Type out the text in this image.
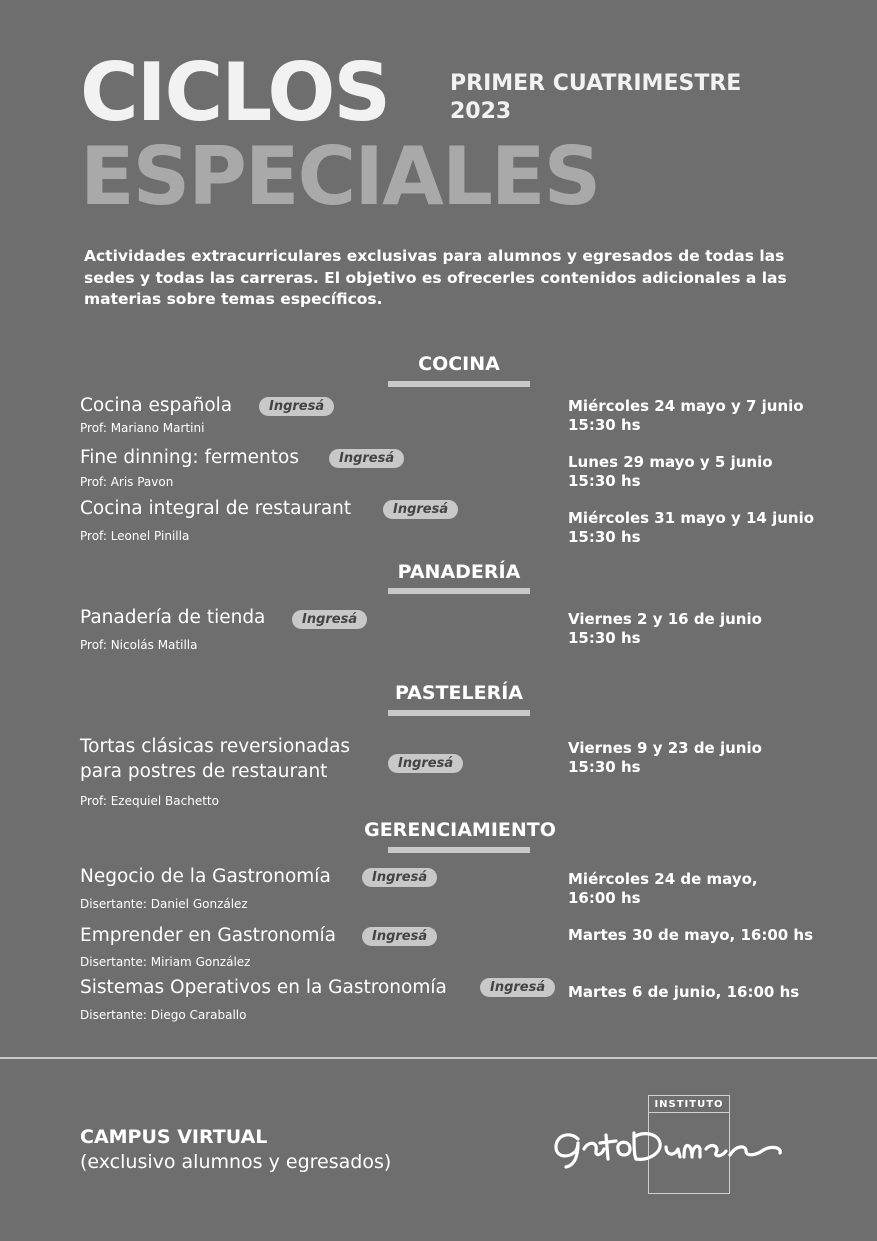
CICLOS
ESPECIALES
PRIMER CUATRIMESTRE
2023

Actividades extracurriculares exclusivas para alumnos y egresados de todas las sedes y todas las carreras. El objetivo es ofrecerles contenidos adicionales a las materias sobre temas específicos.

COCINA
Cocina española	Ingresá
Prof: Mariano Martini
Miércoles 24 mayo y 7 junio
15:30 hs
Fine dinning: fermentos	Ingresá
Prof: Aris Pavon
Lunes 29 mayo y 5 junio
15:30 hs
Cocina integral de restaurant	Ingresá
Prof: Leonel Pinilla
Miércoles 31 mayo y 14 junio
15:30 hs
PANADERÍA
Panadería de tienda	Ingresá
Prof: Nicolás Matilla
Viernes 2 y 16 de junio
15:30 hs
PASTELERÍA
Tortas clásicas reversionadas
para postres de restaurant	Ingresá
Prof: Ezequiel Bachetto
Viernes 9 y 23 de junio
15:30 hs
GERENCIAMIENTO
Negocio de la Gastronomía	Ingresá
Disertante: Daniel González
Miércoles 24 de mayo,
16:00 hs
Emprender en Gastronomía	Ingresá
Disertante: Miriam González
Martes 30 de mayo, 16:00 hs
Sistemas Operativos en la Gastronomía	Ingresá
Disertante: Diego Caraballo
Martes 6 de junio, 16:00 hs
CAMPUS VIRTUAL
(exclusivo alumnos y egresados)
INSTITUTO
